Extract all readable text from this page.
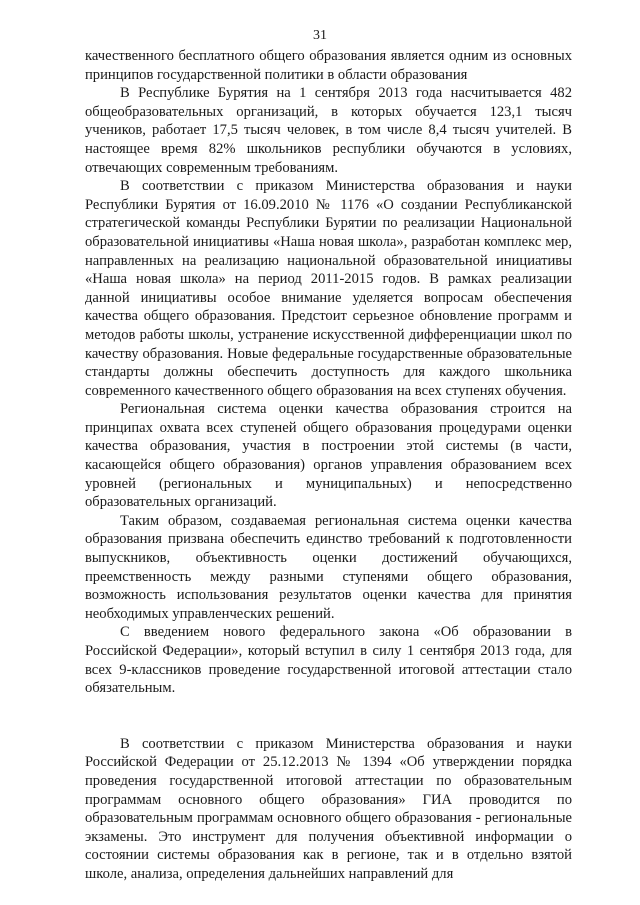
31

качественного бесплатного общего образования является одним из основных принципов государственной политики в области образования

В Республике Бурятия на 1 сентября 2013 года насчитывается 482 общеобразовательных организаций, в которых обучается 123,1 тысяч учеников, работает 17,5 тысяч человек, в том числе 8,4 тысяч учителей. В настоящее время 82% школьников республики обучаются в условиях, отвечающих современным требованиям.

В соответствии с приказом Министерства образования и науки Республики Бурятия от 16.09.2010 № 1176 «О создании Республиканской стратегической команды Республики Бурятии по реализации Национальной образовательной инициативы «Наша новая школа», разработан комплекс мер, направленных на реализацию национальной образовательной инициативы «Наша новая школа» на период 2011-2015 годов. В рамках реализации данной инициативы особое внимание уделяется вопросам обеспечения качества общего образования. Предстоит серьезное обновление программ и методов работы школы, устранение искусственной дифференциации школ по качеству образования. Новые федеральные государственные образовательные стандарты должны обеспечить доступность для каждого школьника современного качественного общего образования на всех ступенях обучения.

Региональная система оценки качества образования строится на принципах охвата всех ступеней общего образования процедурами оценки качества образования, участия в построении этой системы (в части, касающейся общего образования) органов управления образованием всех уровней (региональных и муниципальных) и непосредственно образовательных организаций.

Таким образом, создаваемая региональная система оценки качества образования призвана обеспечить единство требований к подготовленности выпускников, объективность оценки достижений обучающихся, преемственность между разными ступенями общего образования, возможность использования результатов оценки качества для принятия необходимых управленческих решений.

С введением нового федерального закона «Об образовании в Российской Федерации», который вступил в силу 1 сентября 2013 года, для всех 9-классников проведение государственной итоговой аттестации стало обязательным.

В соответствии с приказом Министерства образования и науки Российской Федерации от 25.12.2013 № 1394 «Об утверждении порядка проведения государственной итоговой аттестации по образовательным программам основного общего образования» ГИА проводится по образовательным программам основного общего образования - региональные экзамены. Это инструмент для получения объективной информации о состоянии системы образования как в регионе, так и в отдельно взятой школе, анализа, определения дальнейших направлений для
